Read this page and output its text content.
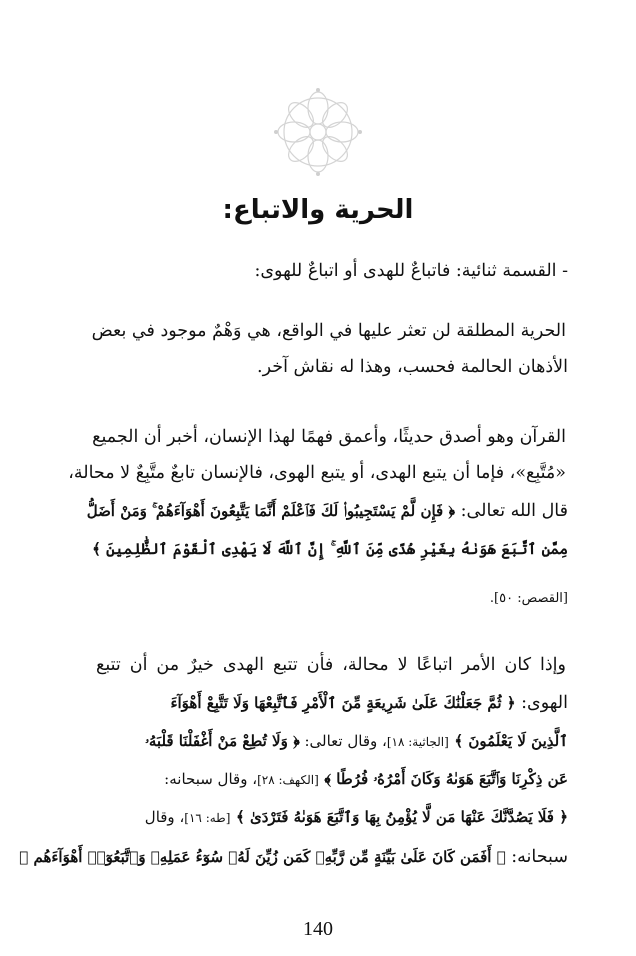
الحرية والاتباع:
- القسمة ثنائية: فاتباعٌ للهدى أو اتباعٌ للهوى:
الحرية المطلقة لن تعثر عليها في الواقع، هي وَهْمٌ موجود في بعض
الأذهان الحالمة فحسب، وهذا له نقاش آخر.
القرآن وهو أصدق حديثًا، وأعمق فهمًا لهذا الإنسان، أخبر أن الجميع
«مُتَّبِع»، فإما أن يتبع الهدى، أو يتبع الهوى، فالإنسان تابعٌ متَّبِعٌ لا محالة،
قال الله تعالى: ﴿ فَإِن لَّمْ يَسْتَجِيبُوا۟ لَكَ فَٱعْلَمْ أَنَّمَا يَتَّبِعُونَ أَهْوَآءَهُمْ ۚ وَمَنْ أَضَلُّ
مِمَّنِ ٱتَّبَعَ هَوَىٰهُ بِغَيْرِ هُدًى مِّنَ ٱللَّهِ ۚ إِنَّ ٱللَّهَ لَا يَهْدِى ٱلْقَوْمَ ٱلظَّٰلِمِينَ ﴾
[القصص: ٥٠].
وإذا كان الأمر اتباعًا لا محالة، فأن تتبع الهدى خيرٌ من أن تتبع
الهوى: ﴿ ثُمَّ جَعَلْنَٰكَ عَلَىٰ شَرِيعَةٍ مِّنَ ٱلْأَمْرِ فَٱتَّبِعْهَا وَلَا تَتَّبِعْ أَهْوَآءَ
ٱلَّذِينَ لَا يَعْلَمُونَ ﴾ [الجاثية: ١٨]، وقال تعالى: ﴿ وَلَا تُطِعْ مَنْ أَغْفَلْنَا قَلْبَهُۥ
عَن ذِكْرِنَا وَٱتَّبَعَ هَوَىٰهُ وَكَانَ أَمْرُهُۥ فُرُطًا ﴾ [الكهف: ٢٨]، وقال سبحانه:
﴿ فَلَا يَصُدَّنَّكَ عَنْهَا مَن لَّا يُؤْمِنُ بِهَا وَٱتَّبَعَ هَوَىٰهُ فَتَرْدَىٰ ﴾ [طه: ١٦]، وقال
سبحانه: ﴿ أَفَمَن كَانَ عَلَىٰ بَيِّنَةٍ مِّن رَّبِّهِۦ كَمَن زُيِّنَ لَهُۥ سُوٓءُ عَمَلِهِۦ وَٱتَّبَعُوٓا۟ أَهْوَآءَهُم ﴾
140
